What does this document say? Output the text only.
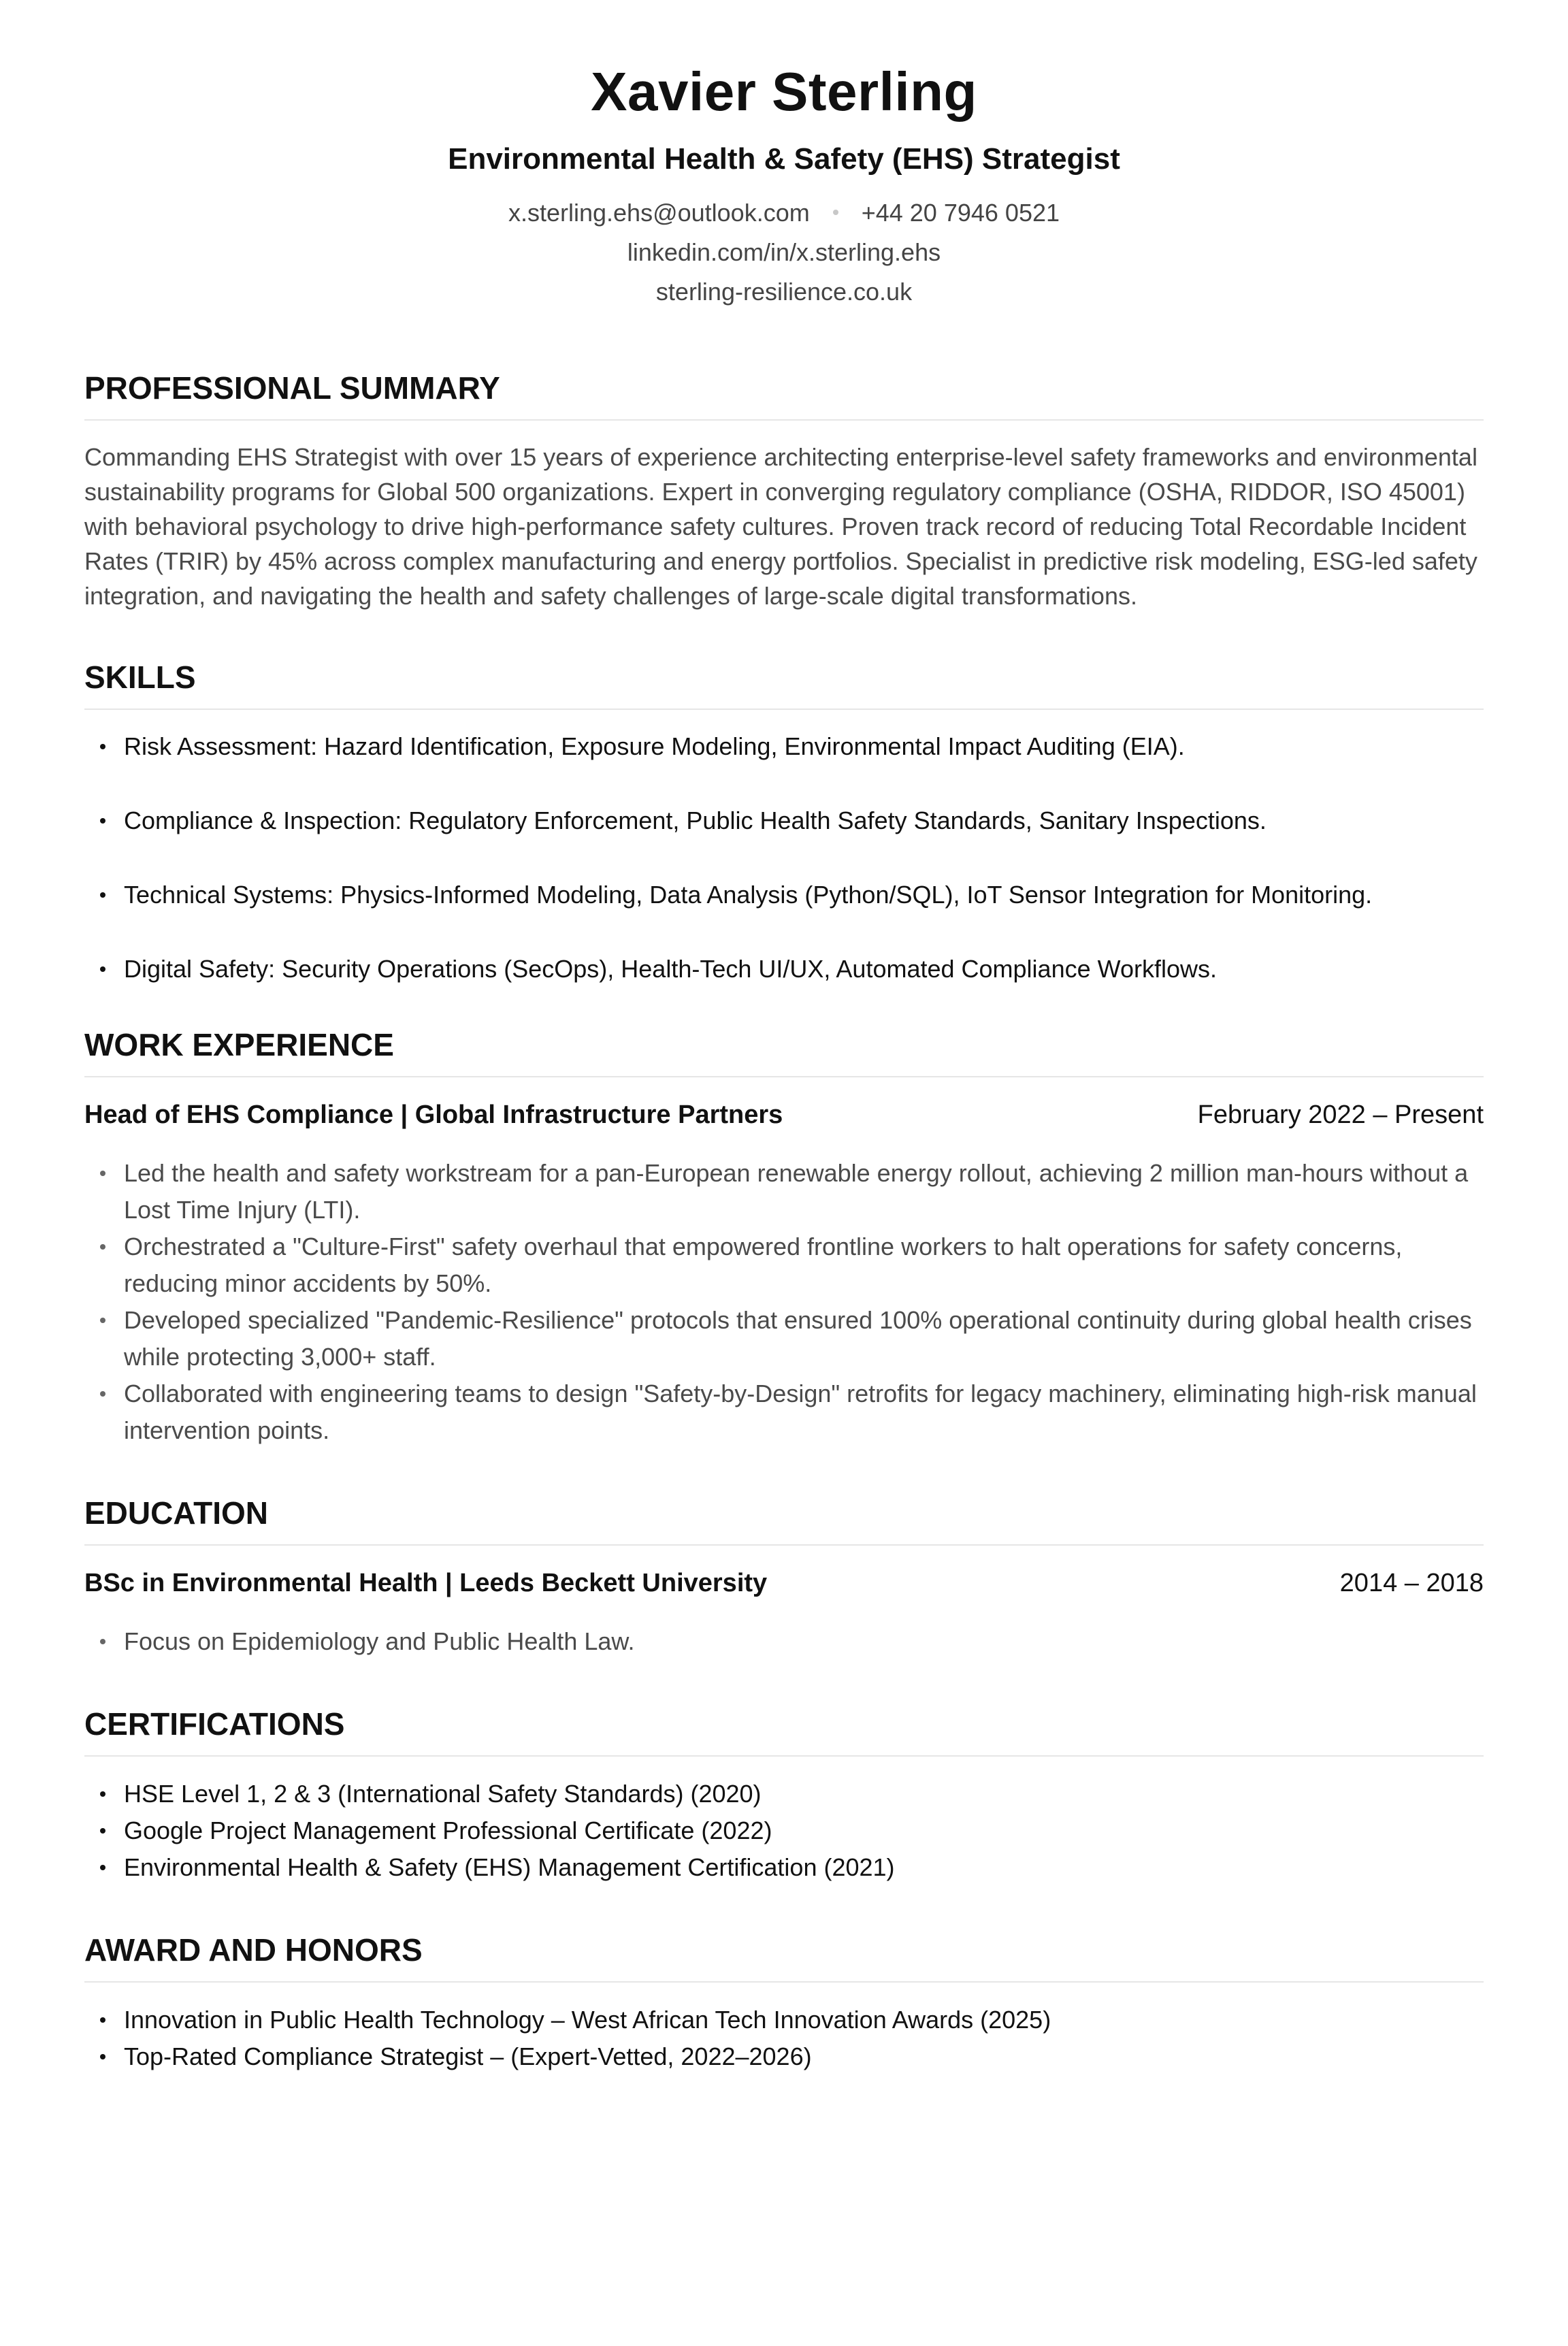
Xavier Sterling
Environmental Health & Safety (EHS) Strategist
x.sterling.ehs@outlook.com +44 20 7946 0521
linkedin.com/in/x.sterling.ehs
sterling-resilience.co.uk
PROFESSIONAL SUMMARY

Commanding EHS Strategist with over 15 years of experience architecting enterprise-level safety frameworks and environmental sustainability programs for Global 500 organizations. Expert in converging regulatory compliance (OSHA, RIDDOR, ISO 45001) with behavioral psychology to drive high-performance safety cultures. Proven track record of reducing Total Recordable Incident Rates (TRIR) by 45% across complex manufacturing and energy portfolios. Specialist in predictive risk modeling, ESG-led safety integration, and navigating the health and safety challenges of large-scale digital transformations.

SKILLS
Risk Assessment: Hazard Identification, Exposure Modeling, Environmental Impact Auditing (EIA).
Compliance & Inspection: Regulatory Enforcement, Public Health Safety Standards, Sanitary Inspections.
Technical Systems: Physics-Informed Modeling, Data Analysis (Python/SQL), IoT Sensor Integration for Monitoring.
Digital Safety: Security Operations (SecOps), Health-Tech UI/UX, Automated Compliance Workflows.
WORK EXPERIENCE
Head of EHS Compliance | Global Infrastructure Partners	February 2022 – Present
Led the health and safety workstream for a pan-European renewable energy rollout, achieving 2 million man-hours without a Lost Time Injury (LTI).
Orchestrated a "Culture-First" safety overhaul that empowered frontline workers to halt operations for safety concerns, reducing minor accidents by 50%.
Developed specialized "Pandemic-Resilience" protocols that ensured 100% operational continuity during global health crises while protecting 3,000+ staff.
Collaborated with engineering teams to design "Safety-by-Design" retrofits for legacy machinery, eliminating high-risk manual intervention points.
EDUCATION
BSc in Environmental Health | Leeds Beckett University	2014 – 2018
Focus on Epidemiology and Public Health Law.
CERTIFICATIONS
HSE Level 1, 2 & 3 (International Safety Standards) (2020)
Google Project Management Professional Certificate (2022)
Environmental Health & Safety (EHS) Management Certification (2021)
AWARD AND HONORS
Innovation in Public Health Technology – West African Tech Innovation Awards (2025)
Top-Rated Compliance Strategist – (Expert-Vetted, 2022–2026)
